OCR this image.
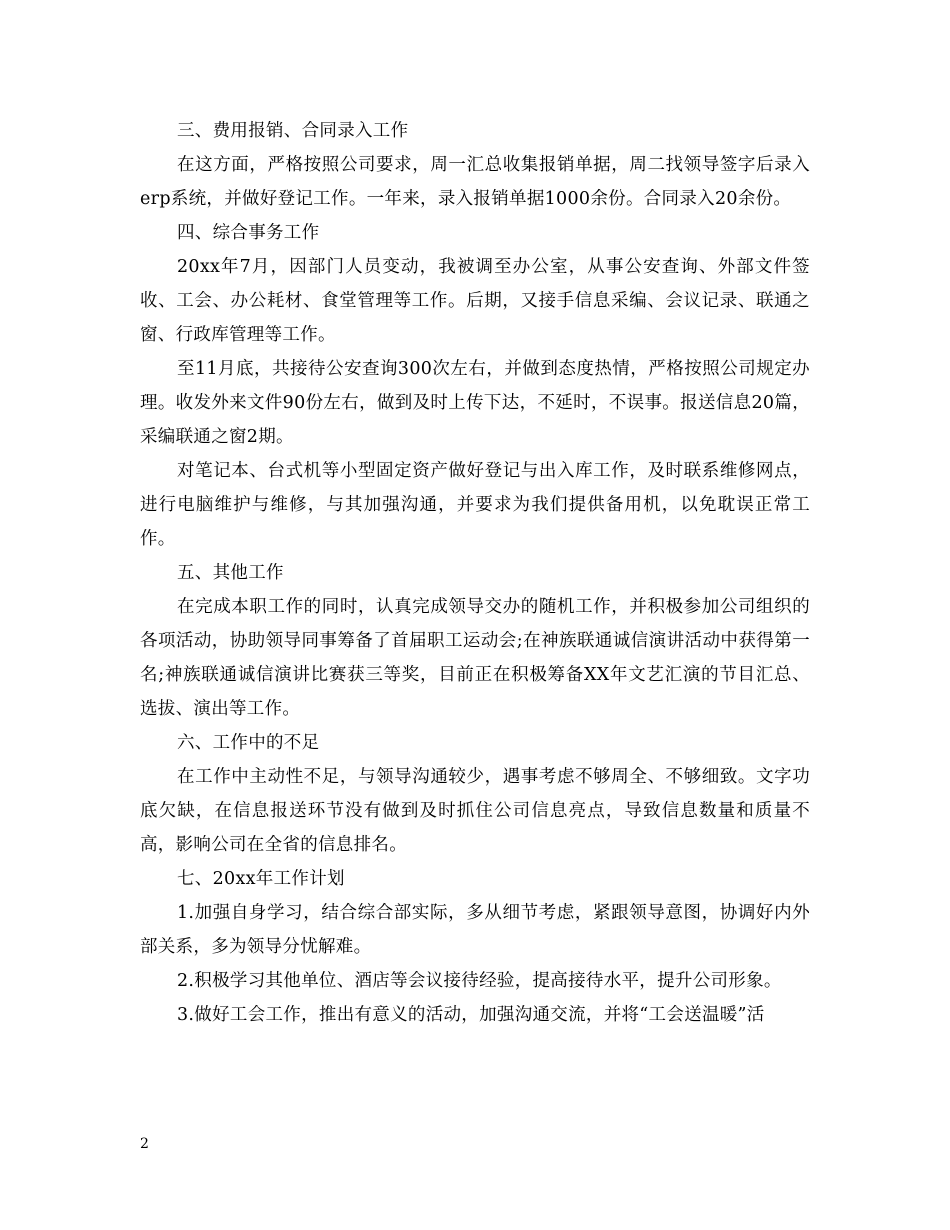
三、费用报销、合同录入工作

在这方面，严格按照公司要求，周一汇总收集报销单据，周二找领导签字后录入erp系统，并做好登记工作。一年来，录入报销单据1000余份。合同录入20余份。

四、综合事务工作

20xx年7月，因部门人员变动，我被调至办公室，从事公安查询、外部文件签收、工会、办公耗材、食堂管理等工作。后期，又接手信息采编、会议记录、联通之窗、行政库管理等工作。

至11月底，共接待公安查询300次左右，并做到态度热情，严格按照公司规定办理。收发外来文件90份左右，做到及时上传下达，不延时，不误事。报送信息20篇，采编联通之窗2期。

对笔记本、台式机等小型固定资产做好登记与出入库工作，及时联系维修网点，进行电脑维护与维修，与其加强沟通，并要求为我们提供备用机，以免耽误正常工作。

五、其他工作

在完成本职工作的同时，认真完成领导交办的随机工作，并积极参加公司组织的各项活动，协助领导同事筹备了首届职工运动会;在神族联通诚信演讲活动中获得第一名;神族联通诚信演讲比赛获三等奖，目前正在积极筹备XX年文艺汇演的节目汇总、选拔、演出等工作。

六、工作中的不足

在工作中主动性不足，与领导沟通较少，遇事考虑不够周全、不够细致。文字功底欠缺，在信息报送环节没有做到及时抓住公司信息亮点，导致信息数量和质量不高，影响公司在全省的信息排名。

七、20xx年工作计划

1.加强自身学习，结合综合部实际，多从细节考虑，紧跟领导意图，协调好内外部关系，多为领导分忧解难。

2.积极学习其他单位、酒店等会议接待经验，提高接待水平，提升公司形象。

3.做好工会工作，推出有意义的活动，加强沟通交流，并将“工会送温暖”活

2
